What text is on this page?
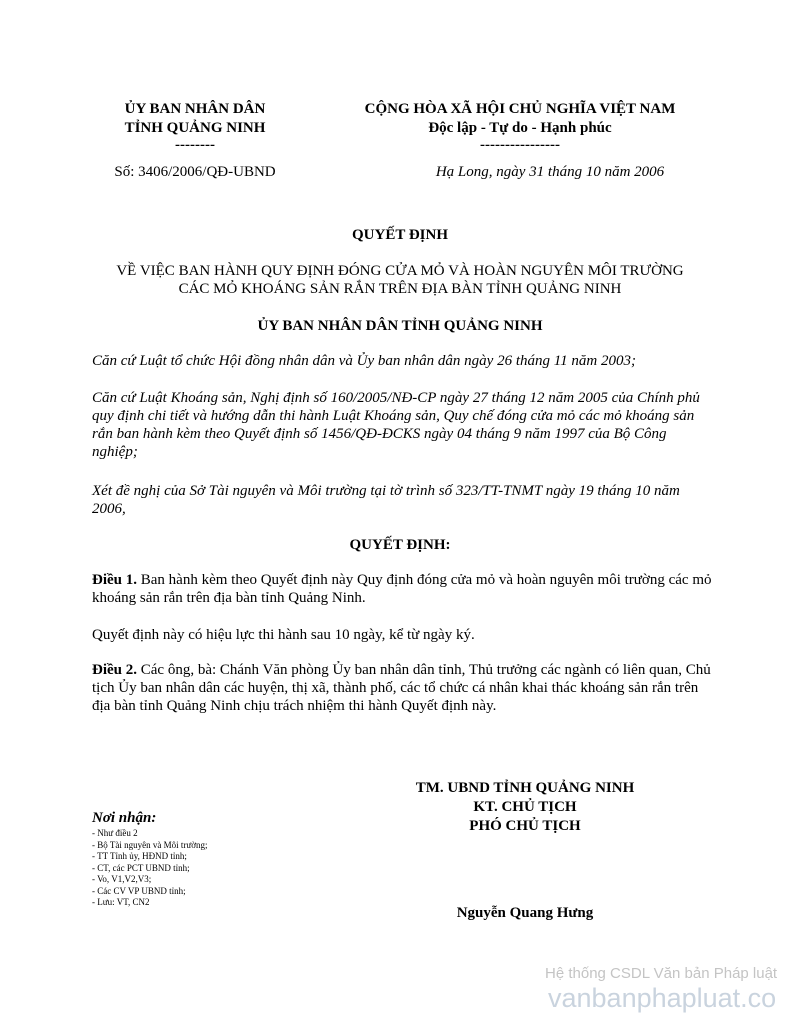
ỦY BAN NHÂN DÂN
TỈNH QUẢNG NINH
--------
CỘNG HÒA XÃ HỘI CHỦ NGHĨA VIỆT NAM
Độc lập - Tự do - Hạnh phúc
----------------
Số: 3406/2006/QĐ-UBND	Hạ Long, ngày 31 tháng 10 năm 2006
QUYẾT ĐỊNH
VỀ VIỆC BAN HÀNH QUY ĐỊNH ĐÓNG CỬA MỎ VÀ HOÀN NGUYÊN MÔI TRƯỜNG
CÁC MỎ KHOÁNG SẢN RẮN TRÊN ĐỊA BÀN TỈNH QUẢNG NINH
ỦY BAN NHÂN DÂN TỈNH QUẢNG NINH
Căn cứ Luật tổ chức Hội đồng nhân dân và Ủy ban nhân dân ngày 26 tháng 11 năm 2003;
Căn cứ Luật Khoáng sản, Nghị định số 160/2005/NĐ-CP ngày 27 tháng 12 năm 2005 của Chính phủ quy định chi tiết và hướng dẫn thi hành Luật Khoáng sản, Quy chế đóng cửa mỏ các mỏ khoáng sản rắn ban hành kèm theo Quyết định số 1456/QĐ-ĐCKS ngày 04 tháng 9 năm 1997 của Bộ Công nghiệp;
Xét đề nghị của Sở Tài nguyên và Môi trường tại tờ trình số 323/TT-TNMT ngày 19 tháng 10 năm 2006,
QUYẾT ĐỊNH:
Điều 1. Ban hành kèm theo Quyết định này Quy định đóng cửa mỏ và hoàn nguyên môi trường các mỏ khoáng sản rắn trên địa bàn tỉnh Quảng Ninh.
Quyết định này có hiệu lực thi hành sau 10 ngày, kể từ ngày ký.
Điều 2. Các ông, bà: Chánh Văn phòng Ủy ban nhân dân tỉnh, Thủ trưởng các ngành có liên quan, Chủ tịch Ủy ban nhân dân các huyện, thị xã, thành phố, các tổ chức cá nhân khai thác khoáng sản rắn trên địa bàn tỉnh Quảng Ninh chịu trách nhiệm thi hành Quyết định này.
TM. UBND TỈNH QUẢNG NINH
KT. CHỦ TỊCH
PHÓ CHỦ TỊCH
Nguyễn Quang Hưng
Nơi nhận:
- Như điều 2
- Bộ Tài nguyên và Môi trường;
- TT Tỉnh ủy, HĐND tỉnh;
- CT, các PCT UBND tỉnh;
- Vo, V1,V2,V3;
- Các CV VP UBND tỉnh;
- Lưu: VT, CN2
Hệ thống CSDL Văn bản Pháp luật
vanbanphapluat.co
